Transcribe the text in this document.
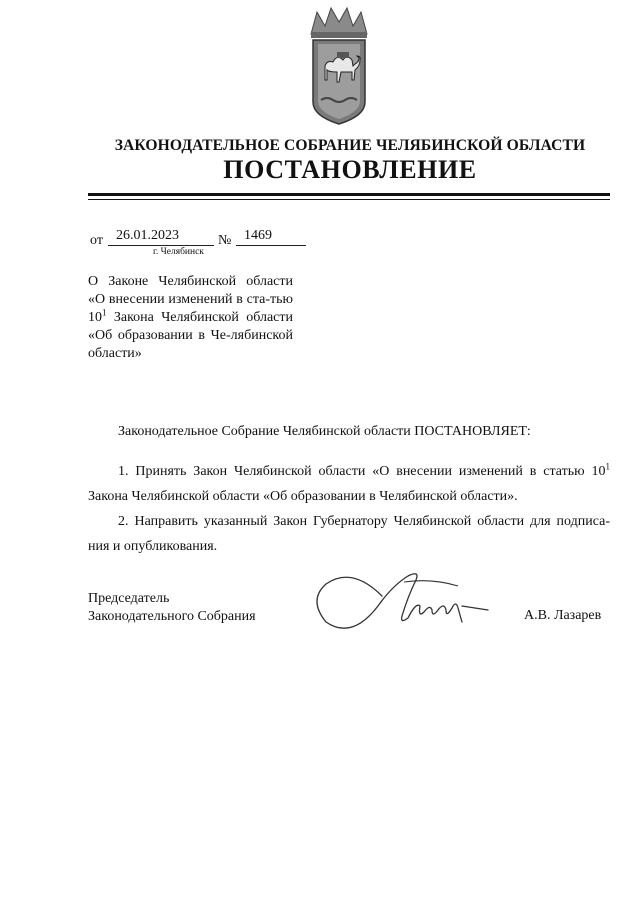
ЗАКОНОДАТЕЛЬНОЕ СОБРАНИЕ ЧЕЛЯБИНСКОЙ ОБЛАСТИ
ПОСТАНОВЛЕНИЕ
от 26.01.2023	№ 1469
г. Челябинск
О Законе Челябинской области «О внесении изменений в ста-тью $10^1$ Закона Челябинской области «Об образовании в Че-лябинской области»
Законодательное Собрание Челябинской области ПОСТАНОВЛЯЕТ:
1. Принять Закон Челябинской области «О внесении изменений в статью $10^1$ Закона Челябинской области «Об образовании в Челябинской области».
2. Направить указанный Закон Губернатору Челябинской области для подписа-ния и опубликования.
Председатель
Законодательного Собрания	А.В. Лазарев
